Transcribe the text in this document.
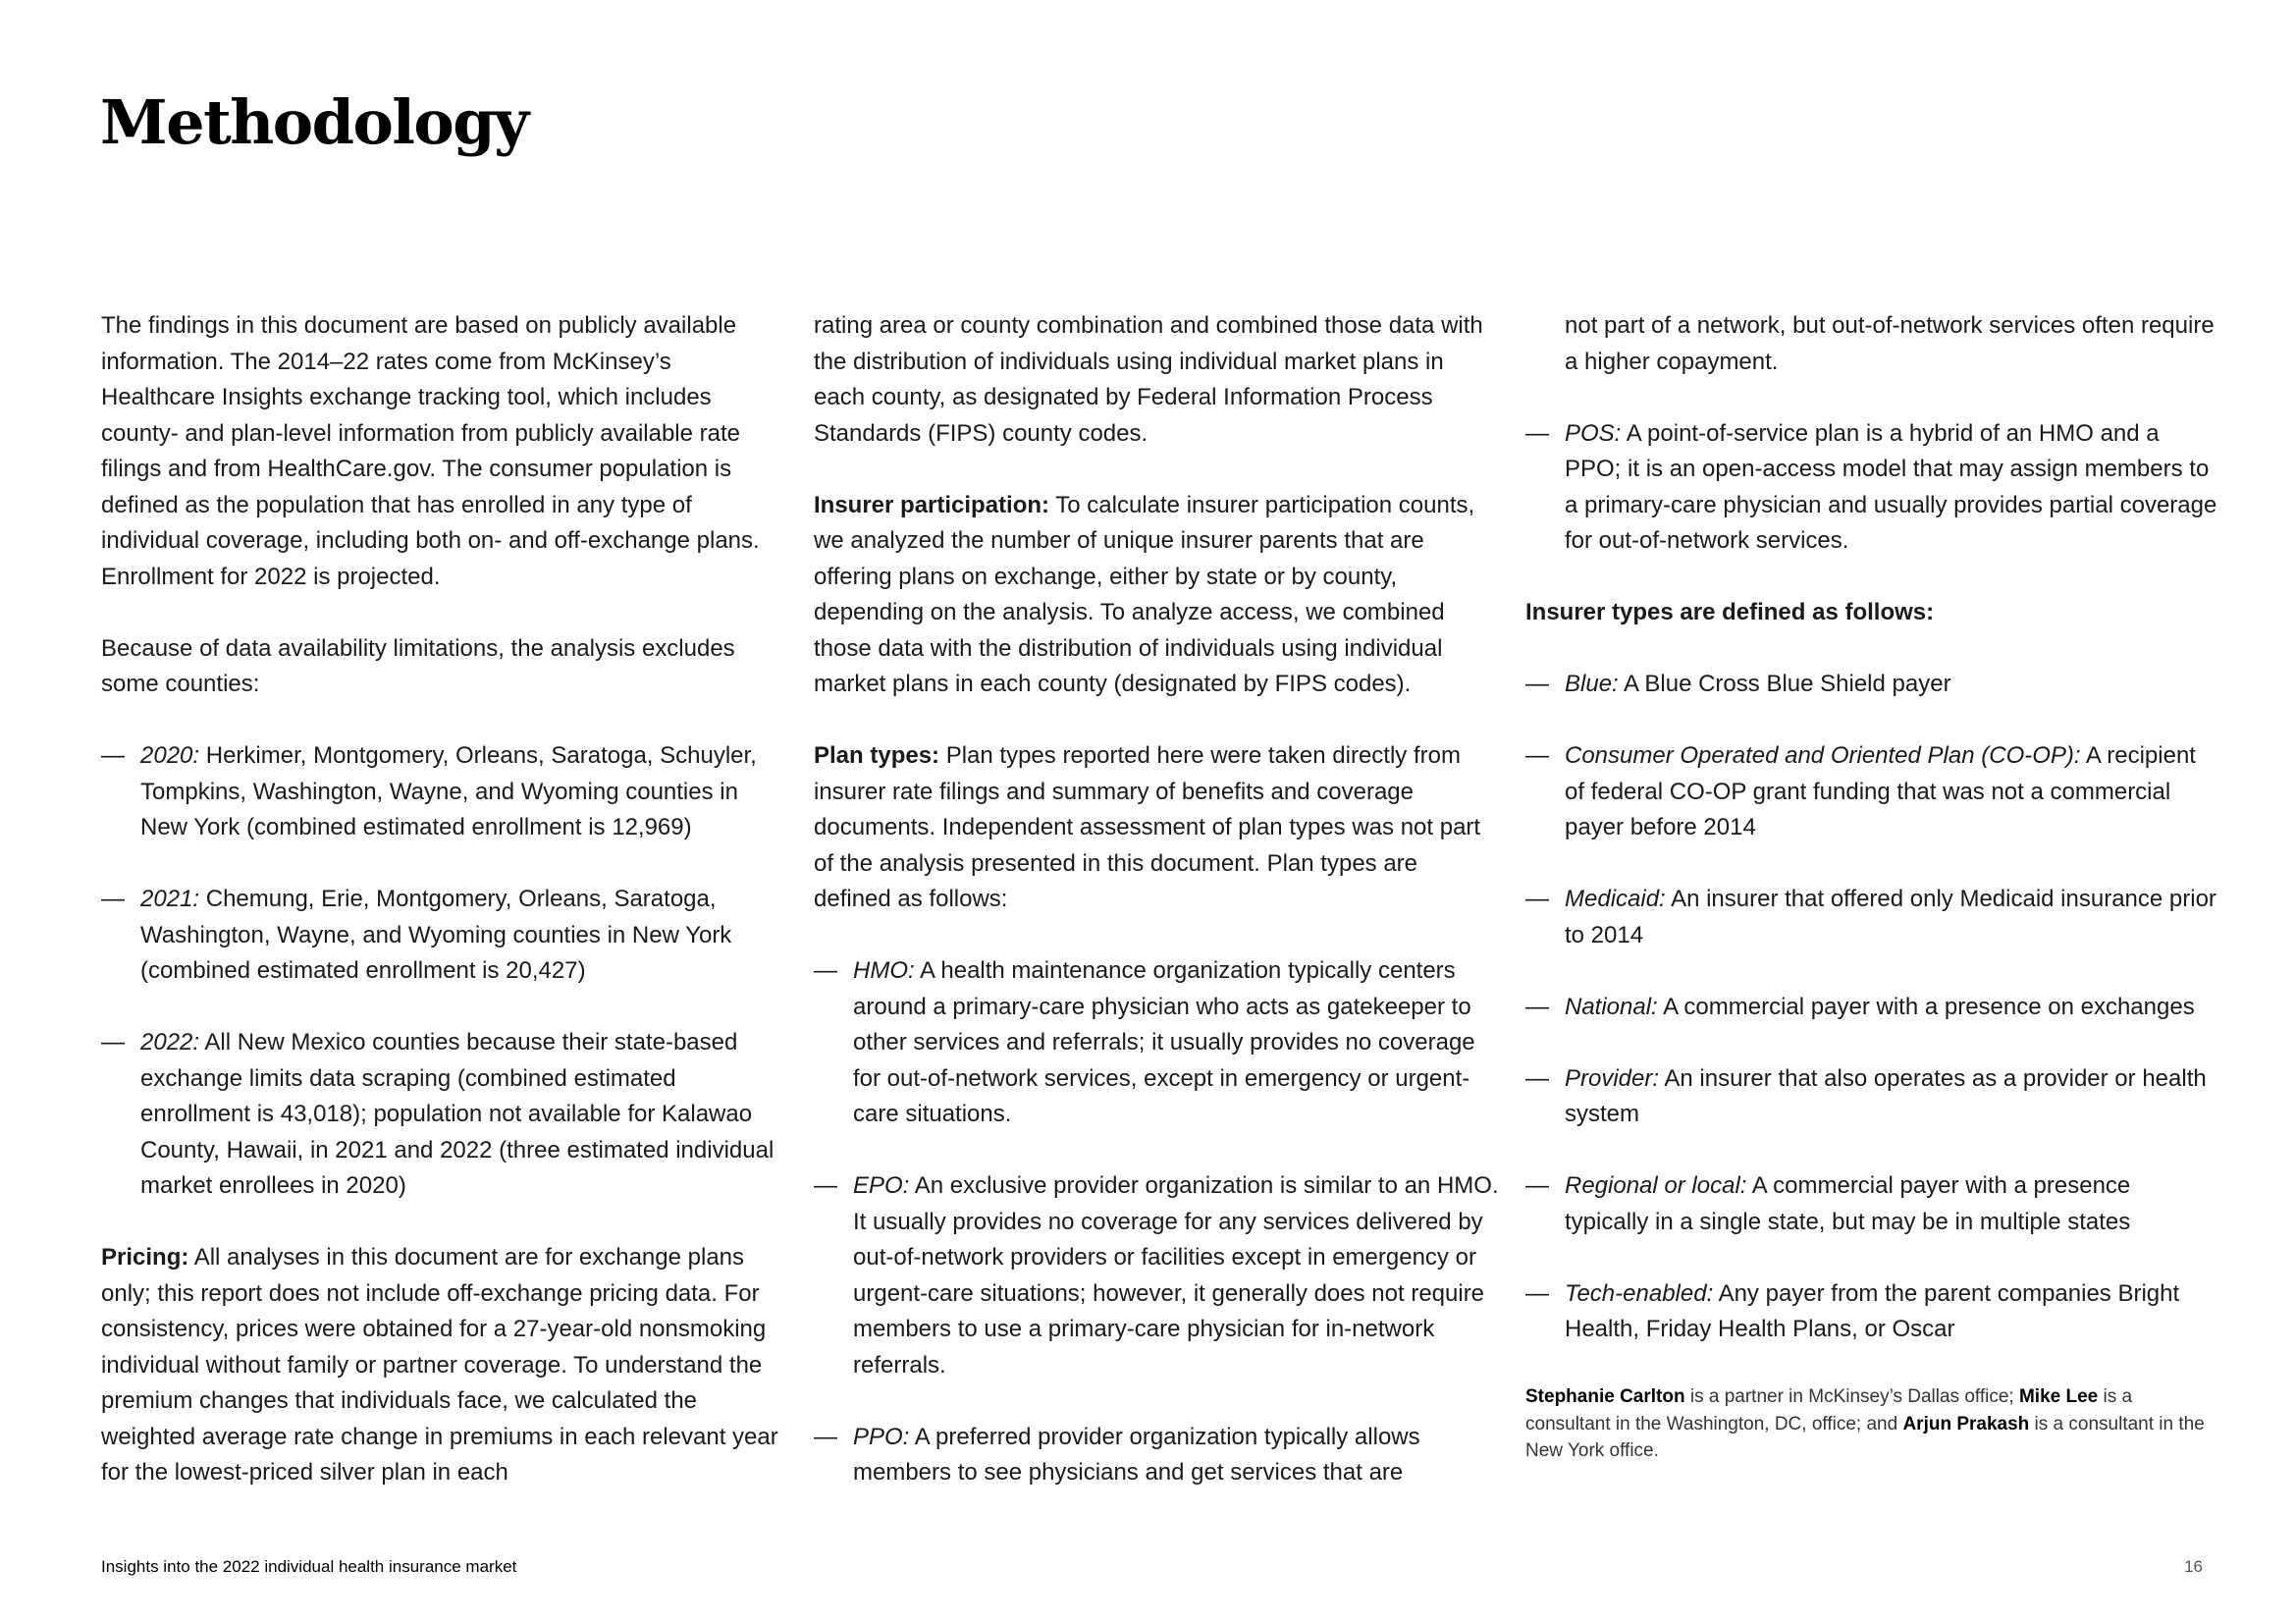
Methodology

The findings in this document are based on publicly available information. The 2014–22 rates come from McKinsey’s Healthcare Insights exchange tracking tool, which includes county- and plan-level information from publicly available rate filings and from HealthCare.gov. The consumer population is defined as the population that has enrolled in any type of individual coverage, including both on- and off-exchange plans. Enrollment for 2022 is projected.

Because of data availability limitations, the analysis excludes some counties:

— 2020: Herkimer, Montgomery, Orleans, Saratoga, Schuyler, Tompkins, Washington, Wayne, and Wyoming counties in New York (combined estimated enrollment is 12,969)
— 2021: Chemung, Erie, Montgomery, Orleans, Saratoga, Washington, Wayne, and Wyoming counties in New York (combined estimated enrollment is 20,427)
— 2022: All New Mexico counties because their state-based exchange limits data scraping (combined estimated enrollment is 43,018); population not available for Kalawao County, Hawaii, in 2021 and 2022 (three estimated individual market enrollees in 2020)

Pricing: All analyses in this document are for exchange plans only; this report does not include off-exchange pricing data. For consistency, prices were obtained for a 27-year-old nonsmoking individual without family or partner coverage. To understand the premium changes that individuals face, we calculated the weighted average rate change in premiums in each relevant year for the lowest-priced silver plan in each

rating area or county combination and combined those data with the distribution of individuals using individual market plans in each county, as designated by Federal Information Process Standards (FIPS) county codes.

Insurer participation: To calculate insurer participation counts, we analyzed the number of unique insurer parents that are offering plans on exchange, either by state or by county, depending on the analysis. To analyze access, we combined those data with the distribution of individuals using individual market plans in each county (designated by FIPS codes).

Plan types: Plan types reported here were taken directly from insurer rate filings and summary of benefits and coverage documents. Independent assessment of plan types was not part of the analysis presented in this document. Plan types are defined as follows:

— HMO: A health maintenance organization typically centers around a primary-care physician who acts as gatekeeper to other services and referrals; it usually provides no coverage for out-of-network services, except in emergency or urgent-care situations.
— EPO: An exclusive provider organization is similar to an HMO. It usually provides no coverage for any services delivered by out-of-network providers or facilities except in emergency or urgent-care situations; however, it generally does not require members to use a primary-care physician for in-network referrals.
— PPO: A preferred provider organization typically allows members to see physicians and get services that are

not part of a network, but out-of-network services often require a higher copayment.

— POS: A point-of-service plan is a hybrid of an HMO and a PPO; it is an open-access model that may assign members to a primary-care physician and usually provides partial coverage for out-of-network services.

Insurer types are defined as follows:

— Blue: A Blue Cross Blue Shield payer
— Consumer Operated and Oriented Plan (CO-OP): A recipient of federal CO-OP grant funding that was not a commercial payer before 2014
— Medicaid: An insurer that offered only Medicaid insurance prior to 2014
— National: A commercial payer with a presence on exchanges
— Provider: An insurer that also operates as a provider or health system
— Regional or local: A commercial payer with a presence typically in a single state, but may be in multiple states
— Tech-enabled: Any payer from the parent companies Bright Health, Friday Health Plans, or Oscar

Stephanie Carlton is a partner in McKinsey’s Dallas office; Mike Lee is a consultant in the Washington, DC, office; and Arjun Prakash is a consultant in the New York office.

Insights into the 2022 individual health insurance market	16
